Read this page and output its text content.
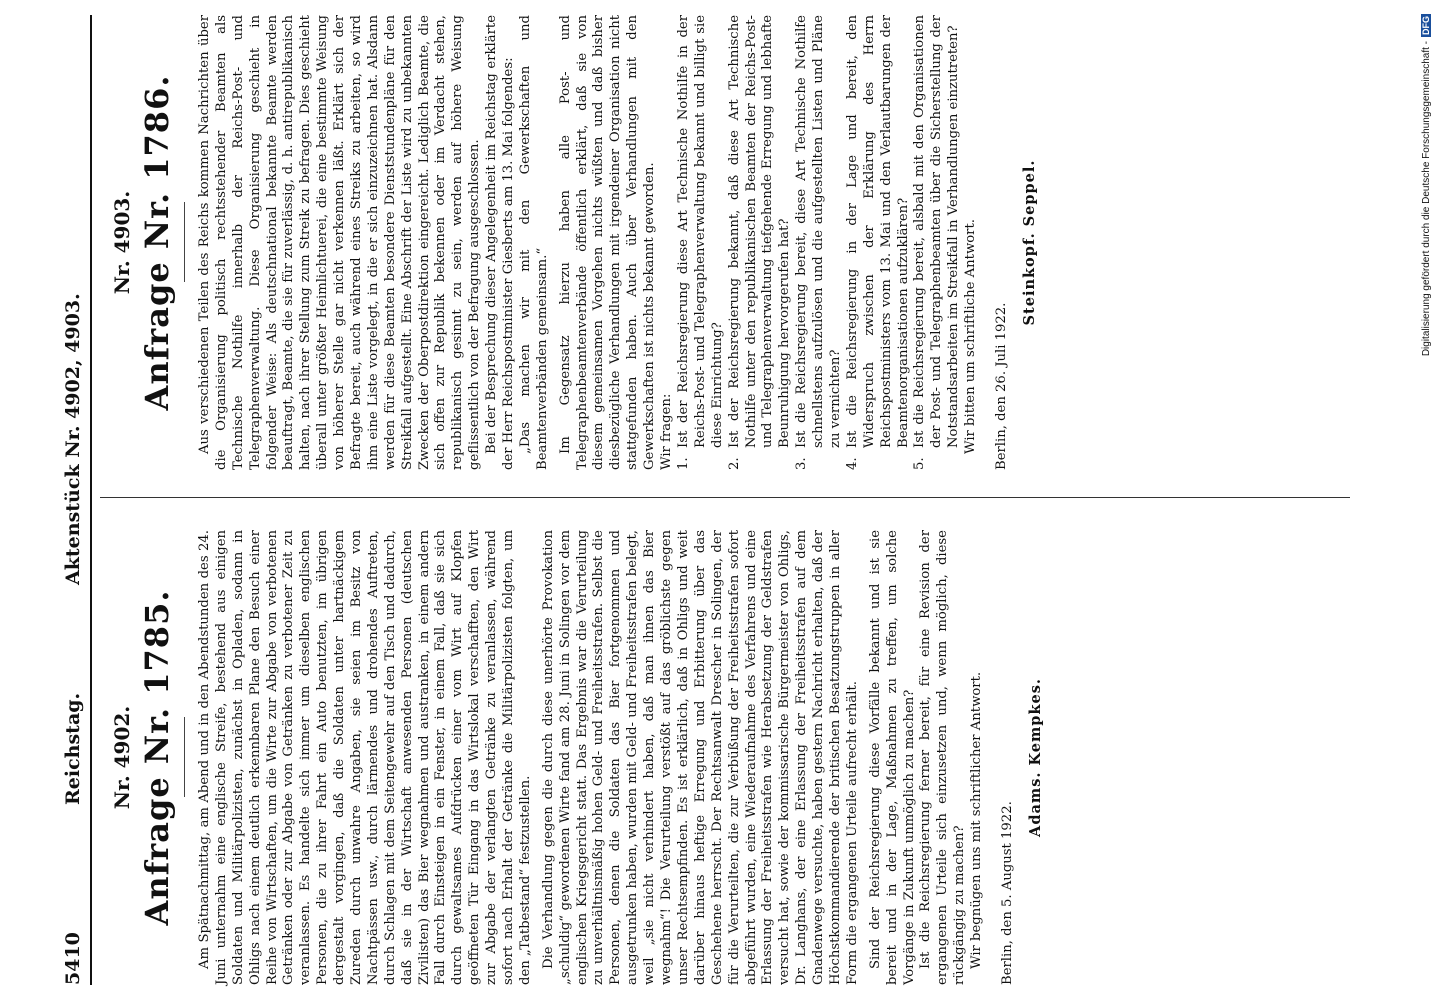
5410
Reichstag.
Aktenstück Nr. 4902, 4903.
Nr. 4902. Anfrage Nr. 1785. Am Spätnachmittag, am Abend und in den Abendstunden des 24. Juni unternahm eine englische Streife, bestehend aus einigen Soldaten und Militärpolizisten, zunächst in Opladen, sodann in Ohligs nach einem deutlich erkennbaren Plane den Besuch einer Reihe von Wirtschaften, um die Wirte zur Abgabe von verbotenen Getränken oder zur Abgabe von Getränken zu verbotener Zeit zu veranlassen. Es handelte sich immer um dieselben englischen Personen, die zu ihrer Fahrt ein Auto benutzten, im übrigen dergestalt vorgingen, daß die Soldaten unter hartnäckigem Zureden durch unwahre Angaben, sie seien im Besitz von Nachtpässen usw., durch lärmendes und drohendes Auftreten, durch Schlagen mit dem Seitengewehr auf den Tisch und dadurch, daß sie in der Wirtschaft anwesenden Personen (deutschen Zivilisten) das Bier wegnahmen und austranken, in einem andern Fall durch Einsteigen in ein Fenster, in einem Fall, daß sie sich durch gewaltsames Aufdrücken einer vom Wirt auf Klopfen geöffneten Tür Eingang in das Wirtslokal verschafften, den Wirt zur Abgabe der verlangten Getränke zu veranlassen, während sofort nach Erhalt der Getränke die Militärpolizisten folgten, um den „Tatbestand“ festzustellen. Die Verhandlung gegen die durch diese unerhörte Provokation „schuldig“ gewordenen Wirte fand am 28. Juni in Solingen vor dem englischen Kriegsgericht statt. Das Ergebnis war die Verurteilung zu unverhältnismäßig hohen Geld- und Freiheitsstrafen. Selbst die Personen, denen die Soldaten das Bier fortgenommen und ausgetrunken haben, wurden mit Geld- und Freiheitsstrafen belegt, weil „sie nicht verhindert haben, daß man ihnen das Bier wegnahm“! Die Verurteilung verstößt auf das gröblichste gegen unser Rechtsempfinden. Es ist erklärlich, daß in Ohligs und weit darüber hinaus heftige Erregung und Erbitterung über das Geschehene herrscht. Der Rechtsanwalt Drescher in Solingen, der für die Verurteilten, die zur Verbüßung der Freiheitsstrafen sofort abgeführt wurden, eine Wiederaufnahme des Verfahrens und eine Erlassung der Freiheitsstrafen wie Herabsetzung der Geldstrafen versucht hat, sowie der kommissarische Bürgermeister von Ohligs, Dr. Langhans, der eine Erlassung der Freiheitsstrafen auf dem Gnadenwege versuchte, haben gestern Nachricht erhalten, daß der Höchstkommandierende der britischen Besatzungstruppen in aller Form die ergangenen Urteile aufrecht erhält. Sind der Reichsregierung diese Vorfälle bekannt und ist sie bereit und in der Lage, Maßnahmen zu treffen, um solche Vorgänge in Zukunft unmöglich zu machen? Ist die Reichsregierung ferner bereit, für eine Revision der ergangenen Urteile sich einzusetzen und, wenn möglich, diese rückgängig zu machen? Wir begnügen uns mit schriftlicher Antwort. Berlin, den 5. August 1922.
Adams. Kempkes.
Nr. 4903. Anfrage Nr. 1786. Aus verschiedenen Teilen des Reichs kommen Nachrichten über die Organisierung politisch rechtsstehender Beamten als Technische Nothilfe innerhalb der Reichs-Post- und Telegraphenverwaltung. Diese Organisierung geschieht in folgender Weise: Als deutschnational bekannte Beamte werden beauftragt, Beamte, die sie für zuverlässig, d. h. antirepublikanisch halten, nach ihrer Stellung zum Streik zu befragen. Dies geschieht überall unter größter Heimlichtuerei, die eine bestimmte Weisung von höherer Stelle gar nicht verkennen läßt. Erklärt sich der Befragte bereit, auch während eines Streiks zu arbeiten, so wird ihm eine Liste vorgelegt, in die er sich einzuzeichnen hat. Alsdann werden für diese Beamten besondere Dienststundenpläne für den Streikfall aufgestellt. Eine Abschrift der Liste wird zu unbekannten Zwecken der Oberpostdirektion eingereicht. Lediglich Beamte, die sich offen zur Republik bekennen oder im Verdacht stehen, republikanisch gesinnt zu sein, werden auf höhere Weisung geflissentlich von der Befragung ausgeschlossen. Bei der Besprechung dieser Angelegenheit im Reichstag erklärte der Herr Reichspostminister Giesberts am 13. Mai folgendes: „Das machen wir mit den Gewerkschaften und Beamtenverbänden gemeinsam.“ Im Gegensatz hierzu haben alle Post- und Telegraphenbeamtenverbände öffentlich erklärt, daß sie von diesem gemeinsamen Vorgehen nichts wüßten und daß bisher diesbezügliche Verhandlungen mit irgendeiner Organisation nicht stattgefunden haben. Auch über Verhandlungen mit den Gewerkschaften ist nichts bekannt geworden. Wir fragen: 1.
Ist der Reichsregierung diese Art Technische Nothilfe in der Reichs-Post- und Telegraphenverwaltung bekannt und billigt sie diese Einrichtung?
2.
Ist der Reichsregierung bekannt, daß diese Art Technische Nothilfe unter den republikanischen Beamten der Reichs-Post- und Telegraphenverwaltung tiefgehende Erregung und lebhafte Beunruhigung hervorgerufen hat?
3.
Ist die Reichsregierung bereit, diese Art Technische Nothilfe schnellstens aufzulösen und die aufgestellten Listen und Pläne zu vernichten?
4.
Ist die Reichsregierung in der Lage und bereit, den Widerspruch zwischen der Erklärung des Herrn Reichspostministers vom 13. Mai und den Verlautbarungen der Beamtenorganisationen aufzuklären?
5.
Ist die Reichsregierung bereit, alsbald mit den Organisationen der Post- und Telegraphenbeamten über die Sicherstellung der Notstandsarbeiten im Streikfall in Verhandlungen einzutreten? Wir bitten um schriftliche Antwort. Berlin, den 26. Juli 1922.
Steinkopf. Seppel.	Digitalisierung gefördert durch die Deutsche Forschungsgemeinschaft -
DFG
